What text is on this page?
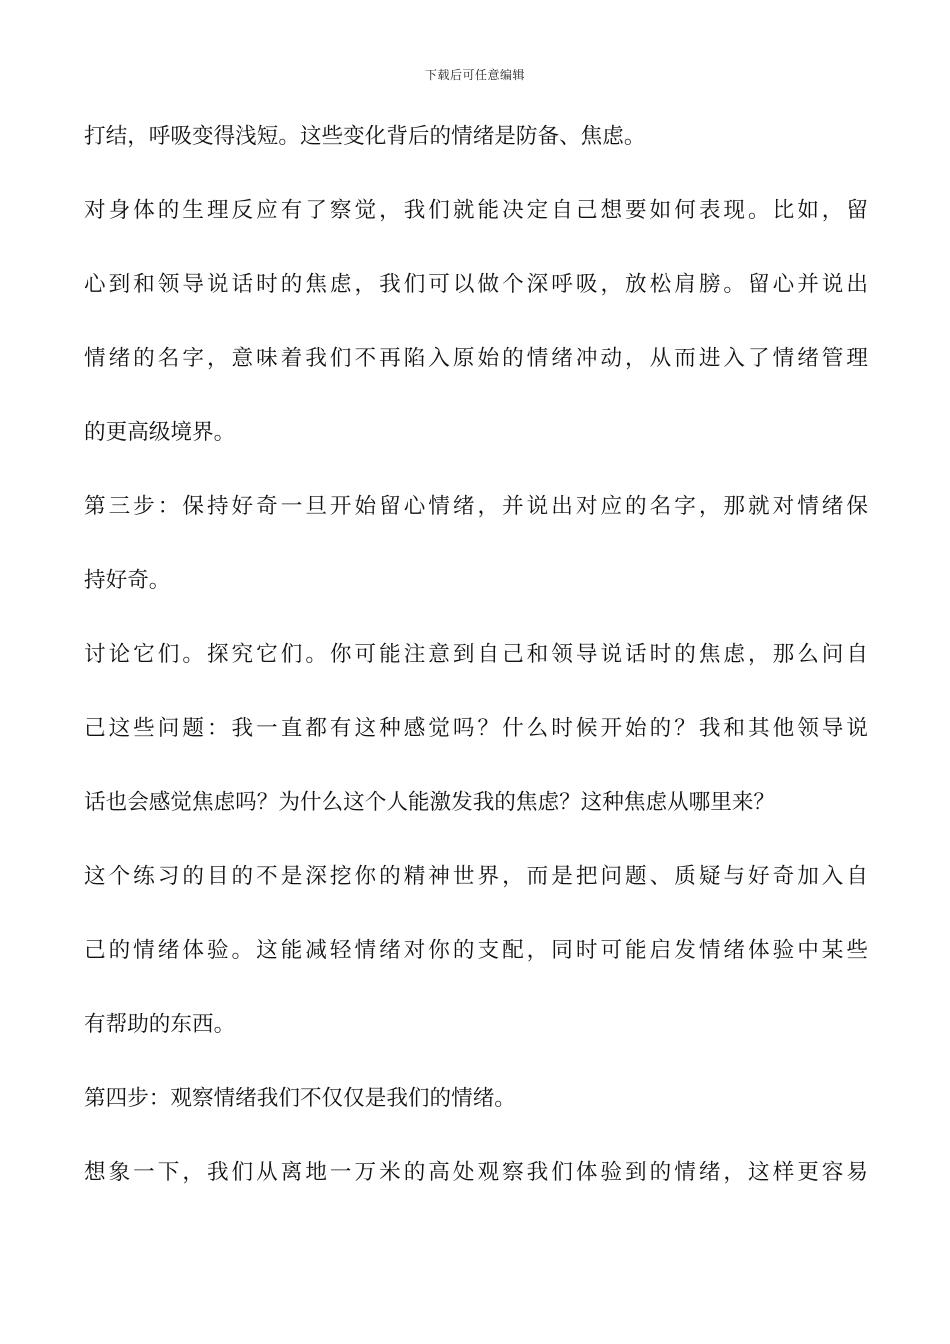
下载后可任意编辑
打结，呼吸变得浅短。这些变化背后的情绪是防备、焦虑。
对身体的生理反应有了察觉，我们就能决定自己想要如何表现。比如，留
心到和领导说话时的焦虑，我们可以做个深呼吸，放松肩膀。留心并说出
情绪的名字，意味着我们不再陷入原始的情绪冲动，从而进入了情绪管理
的更高级境界。
第三步：保持好奇一旦开始留心情绪，并说出对应的名字，那就对情绪保
持好奇。
讨论它们。探究它们。你可能注意到自己和领导说话时的焦虑，那么问自
己这些问题：我一直都有这种感觉吗？什么时候开始的？我和其他领导说
话也会感觉焦虑吗？为什么这个人能激发我的焦虑？这种焦虑从哪里来？
这个练习的目的不是深挖你的精神世界，而是把问题、质疑与好奇加入自
己的情绪体验。这能减轻情绪对你的支配，同时可能启发情绪体验中某些
有帮助的东西。
第四步：观察情绪我们不仅仅是我们的情绪。
想象一下，我们从离地一万米的高处观察我们体验到的情绪，这样更容易
